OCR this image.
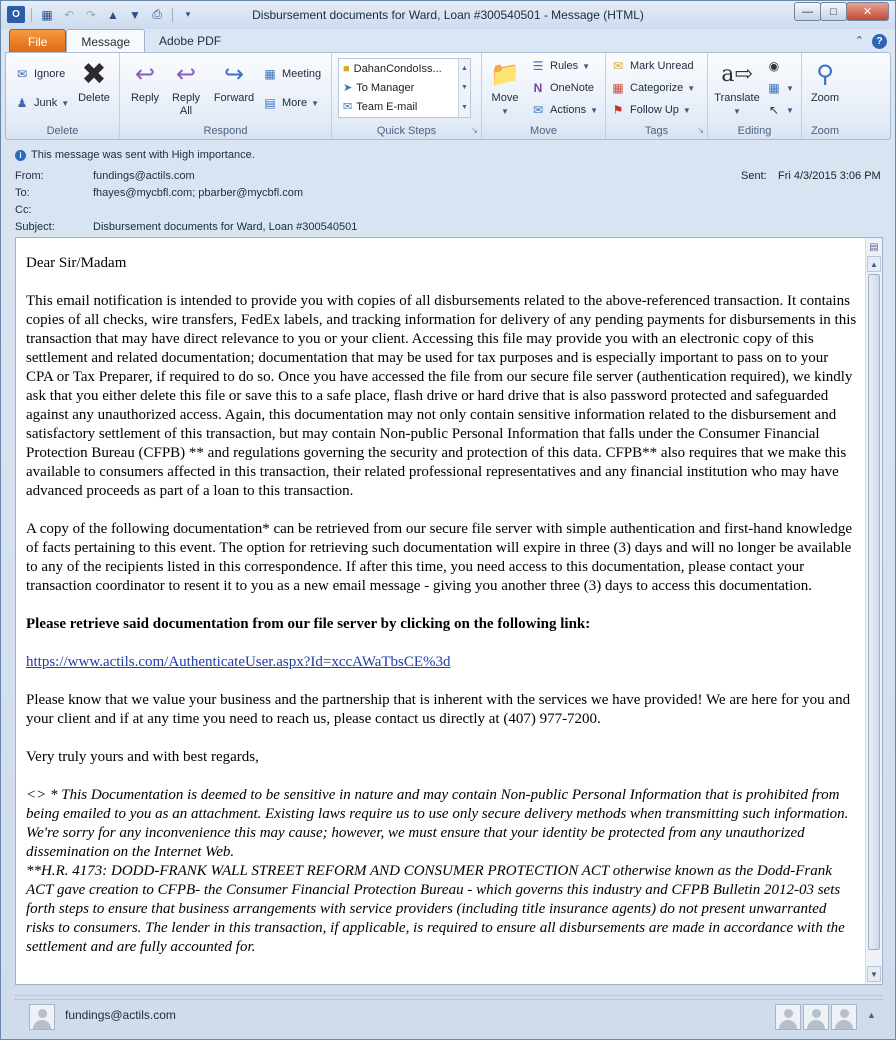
O	▦ ↶ ↷ ▲ ▼ ⎙	▾	Disbursement documents for Ward, Loan #300540501 - Message (HTML)	—	□	✕
File	Message	Adobe PDF	⌃	?
✉ Ignore
♟ Junk ▼
✖
Delete
Delete
↩
Reply
↩
Reply
All
↪
Forward
▦ Meeting
▤ More ▼
Respond
■ DahanCondoIss...
➤ To Manager
✉ Team E-mail
▲
▼
▼
↘
Quick Steps
📁
Move
▼
☰ Rules ▼
N OneNote
✉ Actions ▼
Move
✉ Mark Unread
▦ Categorize ▼
⚑ Follow Up ▼
↘
Tags
a⇨
Translate
▼
◉
▦ ▼
↖ ▼
Editing
⚲
Zoom
Zoom
i This message was sent with High importance.
From:	fundings@actils.com	Sent: Fri 4/3/2015 3:06 PM
To:	fhayes@mycbfl.com; pbarber@mycbfl.com
Cc:
Subject:	Disbursement documents for Ward, Loan #300540501

Dear Sir/Madam

This email notification is intended to provide you with copies of all disbursements related to the above-referenced transaction. It contains copies of all checks, wire transfers, FedEx labels, and tracking information for delivery of any pending payments for disbursements in this transaction that may have direct relevance to you or your client. Accessing this file may provide you with an electronic copy of this settlement and related documentation; documentation that may be used for tax purposes and is especially important to pass on to your CPA or Tax Preparer, if required to do so. Once you have accessed the file from our secure file server (authentication required), we kindly ask that you either delete this file or save this to a safe place, flash drive or hard drive that is also password protected and safeguarded against any unauthorized access. Again, this documentation may not only contain sensitive information related to the disbursement and satisfactory settlement of this transaction, but may contain Non-public Personal Information that falls under the Consumer Financial Protection Bureau (CFPB) ** and regulations governing the security and protection of this data. CFPB** also requires that we make this available to consumers affected in this transaction, their related professional representatives and any financial institution who may have advanced proceeds as part of a loan to this transaction.

A copy of the following documentation* can be retrieved from our secure file server with simple authentication and first-hand knowledge of facts pertaining to this event. The option for retrieving such documentation will expire in three (3) days and will no longer be available to any of the recipients listed in this correspondence. If after this time, you need access to this documentation, please contact your transaction coordinator to resent it to you as a new email message - giving you another three (3) days to access this documentation.

Please retrieve said documentation from our file server by clicking on the following link:

https://www.actils.com/AuthenticateUser.aspx?Id=xccAWaTbsCE%3d

Please know that we value your business and the partnership that is inherent with the services we have provided! We are here for you and your client and if at any time you need to reach us, please contact us directly at (407) 977-7200.

Very truly yours and with best regards,

<> * This Documentation is deemed to be sensitive in nature and may contain Non-public Personal Information that is prohibited from being emailed to you as an attachment. Existing laws require us to use only secure delivery methods when transmitting such information. We're sorry for any inconvenience this may cause; however, we must ensure that your identity be protected from any unauthorized dissemination on the Internet Web.

**H.R. 4173: DODD-FRANK WALL STREET REFORM AND CONSUMER PROTECTION ACT otherwise known as the Dodd-Frank ACT gave creation to CFPB- the Consumer Financial Protection Bureau - which governs this industry and CFPB Bulletin 2012-03 sets forth steps to ensure that business arrangements with service providers (including title insurance agents) do not present unwarranted risks to consumers. The lender in this transaction, if applicable, is required to ensure all disbursements are made in accordance with the settlement and are fully accounted for.

▤
▲
▼
fundings@actils.com	▲
